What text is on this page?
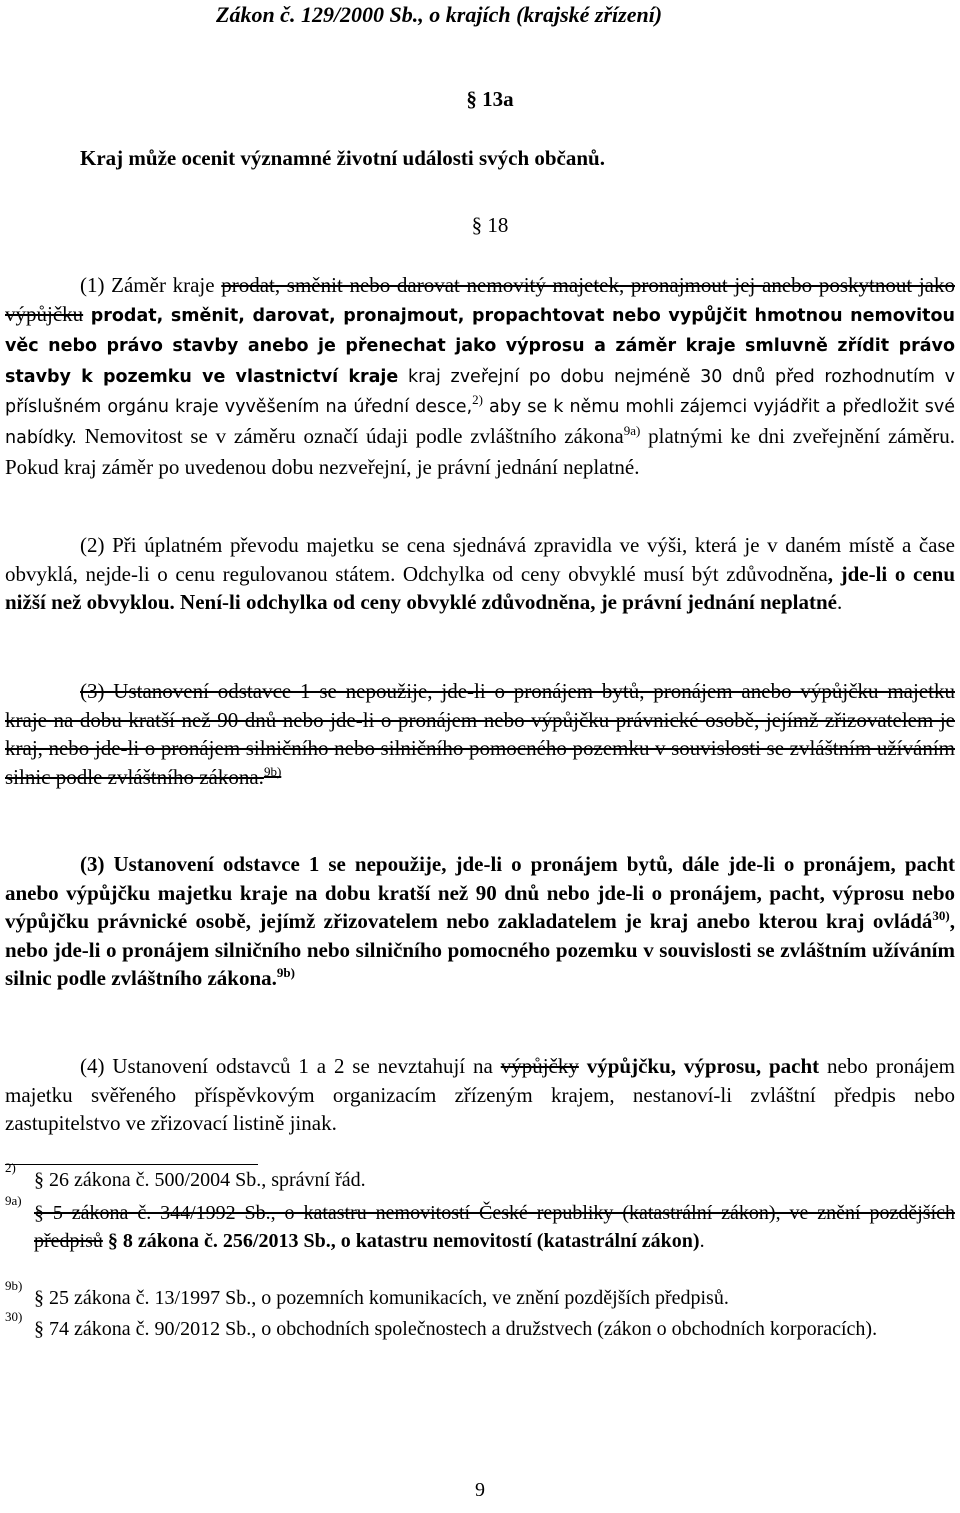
Zákon č. 129/2000 Sb., o krajích (krajské zřízení)
§ 13a
Kraj může ocenit významné životní události svých občanů.
§ 18

(1) Záměr kraje prodat, směnit nebo darovat nemovitý majetek, pronajmout jej anebo poskytnout jako výpůjčku prodat, směnit, darovat, pronajmout, propachtovat nebo vypůjčit hmotnou nemovitou věc nebo právo stavby anebo je přenechat jako výprosu a záměr kraje smluvně zřídit právo stavby k pozemku ve vlastnictví kraje kraj zveřejní po dobu nejméně 30 dnů před rozhodnutím v příslušném orgánu kraje vyvěšením na úřední desce,$^{2)}$ aby se k němu mohli zájemci vyjádřit a předložit své nabídky. Nemovitost se v záměru označí údaji podle zvláštního zákona$^{9a)}$ platnými ke dni zveřejnění záměru. Pokud kraj záměr po uvedenou dobu nezveřejní, je právní jednání neplatné.

(2) Při úplatném převodu majetku se cena sjednává zpravidla ve výši, která je v daném místě a čase obvyklá, nejde-li o cenu regulovanou státem. Odchylka od ceny obvyklé musí být zdůvodněna, jde-li o cenu nižší než obvyklou. Není-li odchylka od ceny obvyklé zdůvodněna, je právní jednání neplatné.

(3) Ustanovení odstavce 1 se nepoužije, jde-li o pronájem bytů, pronájem anebo výpůjčku majetku kraje na dobu kratší než 90 dnů nebo jde-li o pronájem nebo výpůjčku právnické osobě, jejímž zřizovatelem je kraj, nebo jde-li o pronájem silničního nebo silničního pomocného pozemku v souvislosti se zvláštním užíváním silnic podle zvláštního zákona.$^{9b)}$

(3) Ustanovení odstavce 1 se nepoužije, jde-li o pronájem bytů, dále jde-li o pronájem, pacht anebo výpůjčku majetku kraje na dobu kratší než 90 dnů nebo jde-li o pronájem, pacht, výprosu nebo výpůjčku právnické osobě, jejímž zřizovatelem nebo zakladatelem je kraj anebo kterou kraj ovládá$^{30)}$, nebo jde-li o pronájem silničního nebo silničního pomocného pozemku v souvislosti se zvláštním užíváním silnic podle zvláštního zákona.$^{9b)}$

(4) Ustanovení odstavců 1 a 2 se nevztahují na výpůjčky výpůjčku, výprosu, pacht nebo pronájem majetku svěřeného příspěvkovým organizacím zřízeným krajem, nestanoví-li zvláštní předpis nebo zastupitelstvo ve zřizovací listině jinak.

2)
§ 26 zákona č. 500/2004 Sb., správní řád.
9a)
§ 5 zákona č. 344/1992 Sb., o katastru nemovitostí České republiky (katastrální zákon), ve znění pozdějších předpisů § 8 zákona č. 256/2013 Sb., o katastru nemovitostí (katastrální zákon).
9b)
§ 25 zákona č. 13/1997 Sb., o pozemních komunikacích, ve znění pozdějších předpisů.
30)
§ 74 zákona č. 90/2012 Sb., o obchodních společnostech a družstvech (zákon o obchodních korporacích).
9
